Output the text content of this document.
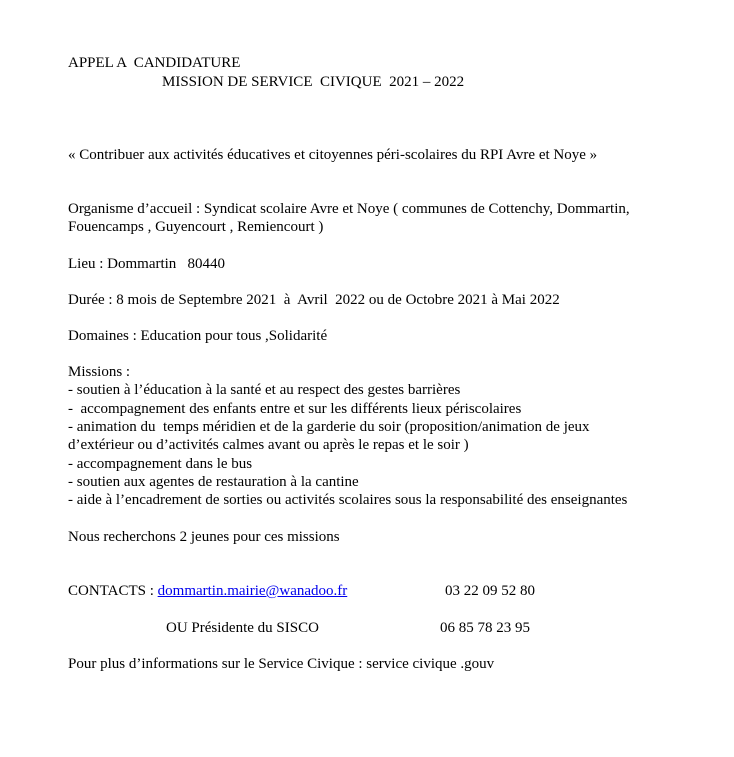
APPEL A  CANDIDATURE
MISSION DE SERVICE  CIVIQUE  2021 – 2022
« Contribuer aux activités éducatives et citoyennes péri-scolaires du RPI Avre et Noye »
Organisme d’accueil : Syndicat scolaire Avre et Noye ( communes de Cottenchy, Dommartin,
Fouencamps , Guyencourt , Remiencourt )
Lieu : Dommartin   80440
Durée : 8 mois de Septembre 2021  à  Avril  2022 ou de Octobre 2021 à Mai 2022
Domaines : Education pour tous ,Solidarité
Missions :
- soutien à l’éducation à la santé et au respect des gestes barrières
-  accompagnement des enfants entre et sur les différents lieux périscolaires
- animation du  temps méridien et de la garderie du soir (proposition/animation de jeux
d’extérieur ou d’activités calmes avant ou après le repas et le soir )
- accompagnement dans le bus
- soutien aux agentes de restauration à la cantine
- aide à l’encadrement de sorties ou activités scolaires sous la responsabilité des enseignantes
Nous recherchons 2 jeunes pour ces missions
CONTACTS : dommartin.mairie@wanadoo.fr	03 22 09 52 80
OU Présidente du SISCO	06 85 78 23 95
Pour plus d’informations sur le Service Civique : service civique .gouv
